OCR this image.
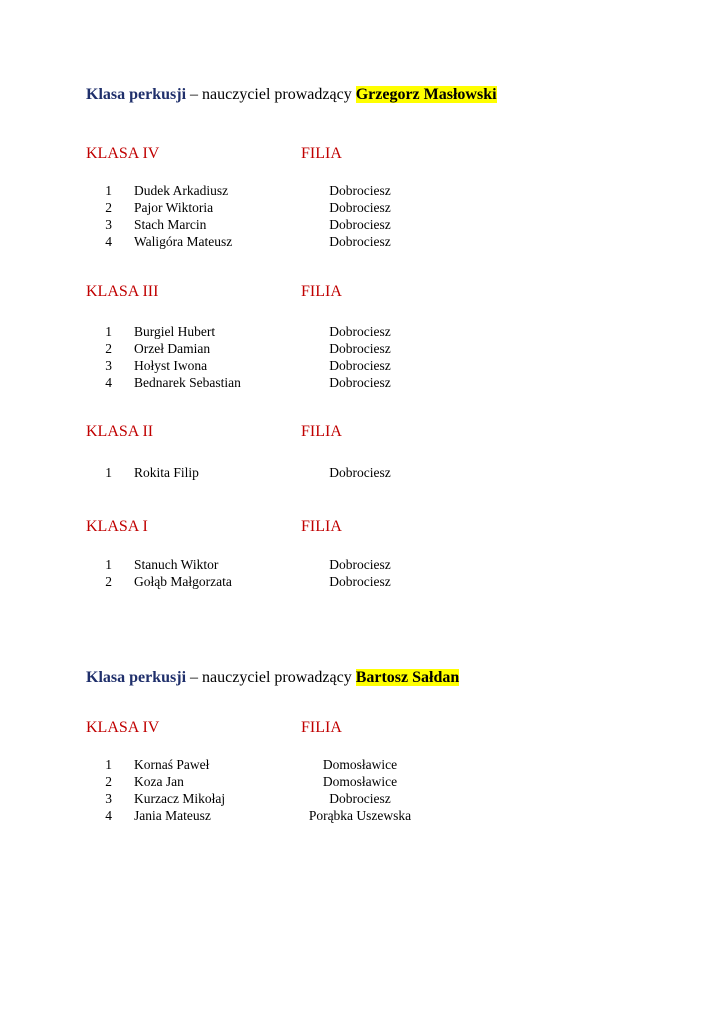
Klasa perkusji – nauczyciel prowadzący Grzegorz Masłowski
KLASA IV	FILIA
1 Dudek Arkadiusz	Dobrociesz
2 Pajor Wiktoria	Dobrociesz
3 Stach Marcin	Dobrociesz
4 Waligóra Mateusz	Dobrociesz
KLASA III	FILIA
1 Burgiel Hubert	Dobrociesz
2 Orzeł Damian	Dobrociesz
3 Hołyst Iwona	Dobrociesz
4 Bednarek Sebastian	Dobrociesz
KLASA II	FILIA
1 Rokita Filip	Dobrociesz
KLASA I	FILIA
1 Stanuch Wiktor	Dobrociesz
2 Gołąb Małgorzata	Dobrociesz
Klasa perkusji – nauczyciel prowadzący Bartosz Sałdan
KLASA IV	FILIA
1 Kornaś Paweł	Domosławice
2 Koza Jan	Domosławice
3 Kurzacz Mikołaj	Dobrociesz
4 Jania Mateusz	Porąbka Uszewska
